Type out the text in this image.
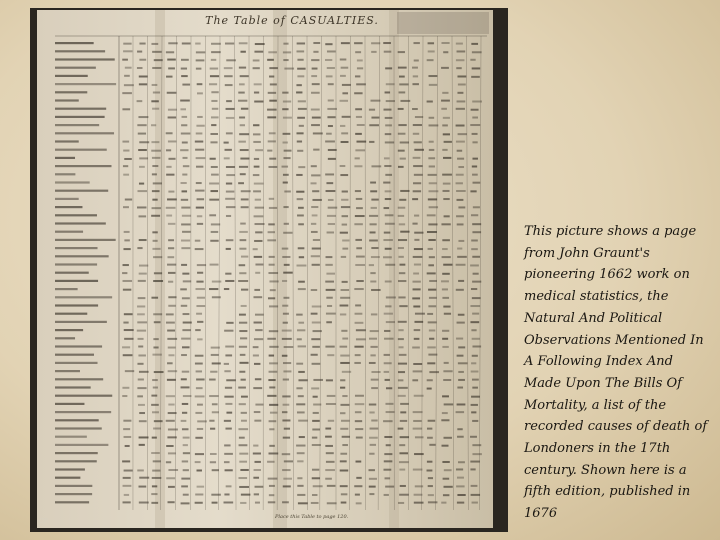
The Table of CASUALTIES.
Place this Table to page 120.
CP.

This picture shows a page from John Graunt's pioneering 1662 work on medical statistics, the Natural And Political Observations Mentioned In A Following Index And Made Upon The Bills Of Mortality, a list of the recorded causes of death of Londoners in the 17th century. Shown here is a fifth edition, published in 1676
